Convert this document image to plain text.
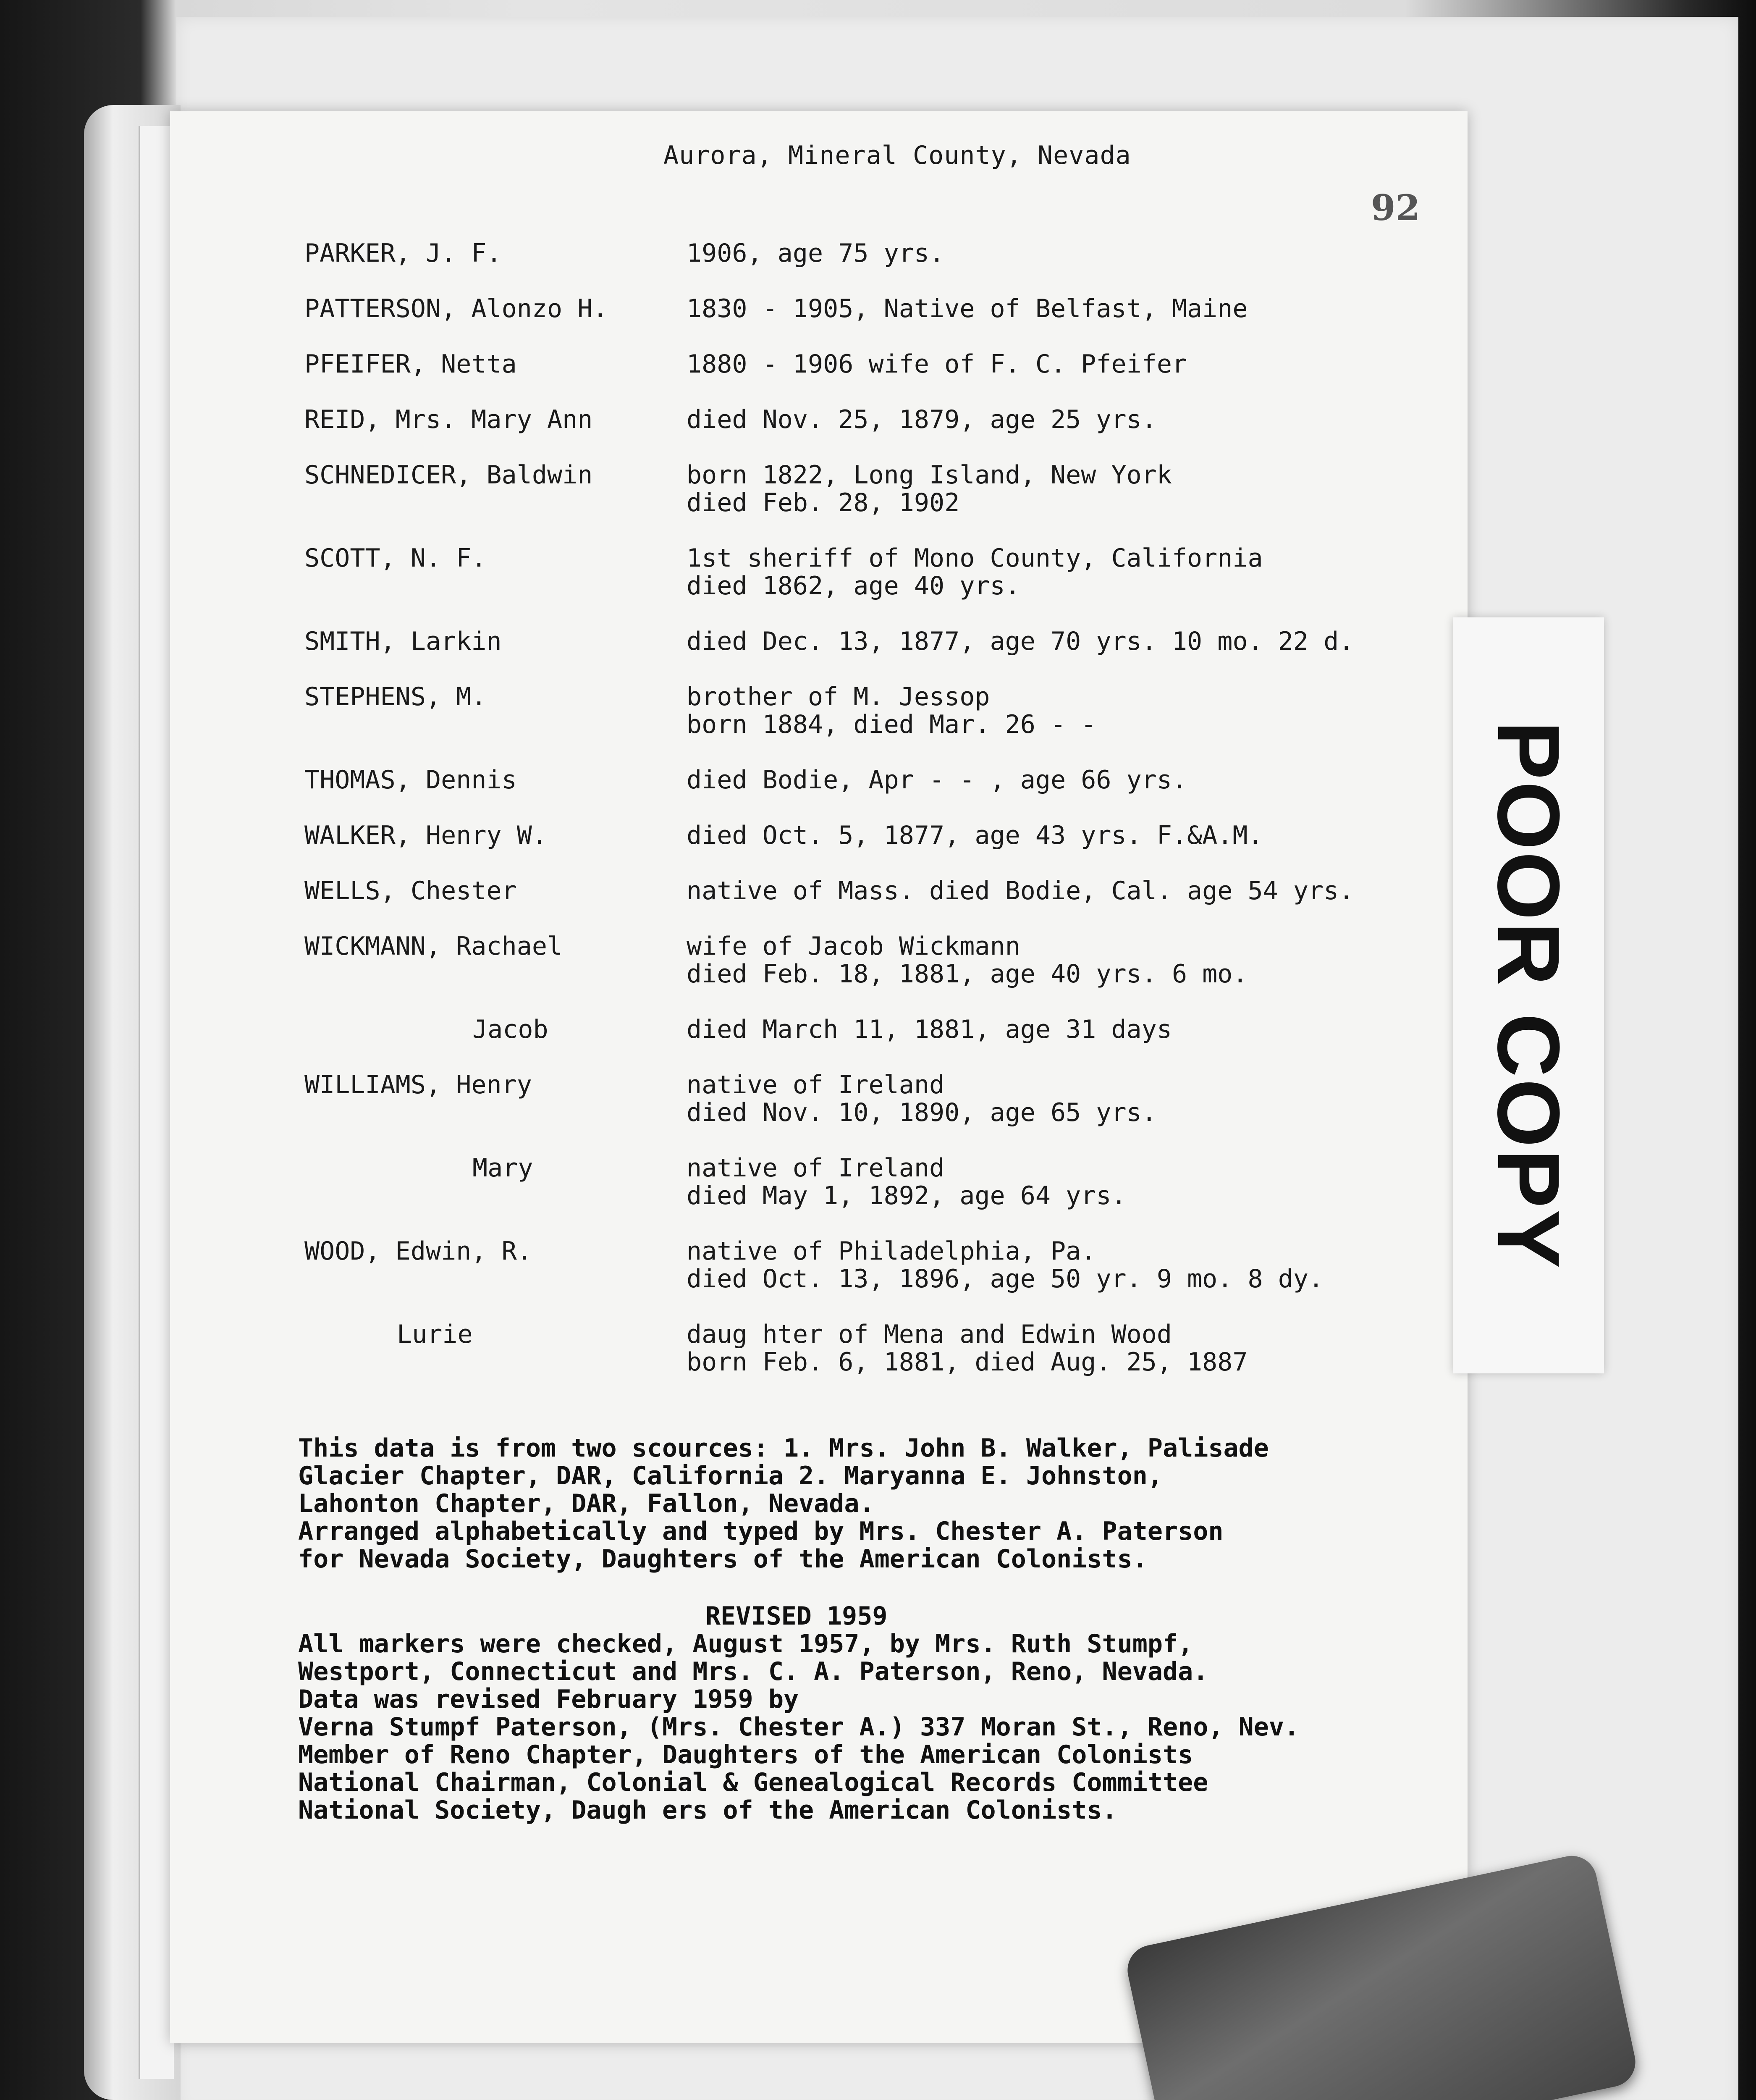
Aurora, Mineral County, Nevada
92
PARKER, J. F.	1906, age 75 yrs.
PATTERSON, Alonzo H.	1830 - 1905, Native of Belfast, Maine
PFEIFER, Netta	1880 - 1906 wife of F. C. Pfeifer
REID, Mrs. Mary Ann	died Nov. 25, 1879, age 25 yrs.
SCHNEDICER, Baldwin	born 1822, Long Island, New York
died Feb. 28, 1902
SCOTT, N. F.	1st sheriff of Mono County, California
died 1862, age 40 yrs.
SMITH, Larkin	died Dec. 13, 1877, age 70 yrs. 10 mo. 22 d.
STEPHENS, M.	brother of M. Jessop
born 1884, died Mar. 26 - -
THOMAS, Dennis	died Bodie, Apr - - , age 66 yrs.
WALKER, Henry W.	died Oct. 5, 1877, age 43 yrs. F.&A.M.
WELLS, Chester	native of Mass. died Bodie, Cal. age 54 yrs.
WICKMANN, Rachael	wife of Jacob Wickmann
died Feb. 18, 1881, age 40 yrs. 6 mo.
Jacob	died March 11, 1881, age 31 days
WILLIAMS, Henry	native of Ireland
died Nov. 10, 1890, age 65 yrs.
Mary	native of Ireland
died May 1, 1892, age 64 yrs.
WOOD, Edwin, R.	native of Philadelphia, Pa.
died Oct. 13, 1896, age 50 yr. 9 mo. 8 dy.
Lurie	daug hter of Mena and Edwin Wood
born Feb. 6, 1881, died Aug. 25, 1887
This data is from two scources: 1. Mrs. John B. Walker, Palisade
Glacier Chapter, DAR, California 2. Maryanna E. Johnston,
Lahonton Chapter, DAR, Fallon, Nevada.
Arranged alphabetically and typed by Mrs. Chester A. Paterson
for Nevada Society, Daughters of the American Colonists.
REVISED 1959
All markers were checked, August 1957, by Mrs. Ruth Stumpf,
Westport, Connecticut and Mrs. C. A. Paterson, Reno, Nevada.
Data was revised February 1959 by
Verna Stumpf Paterson, (Mrs. Chester A.) 337 Moran St., Reno, Nev.
Member of Reno Chapter, Daughters of the American Colonists
National Chairman, Colonial & Genealogical Records Committee
National Society, Daugh ers of the American Colonists.
POOR COPY
